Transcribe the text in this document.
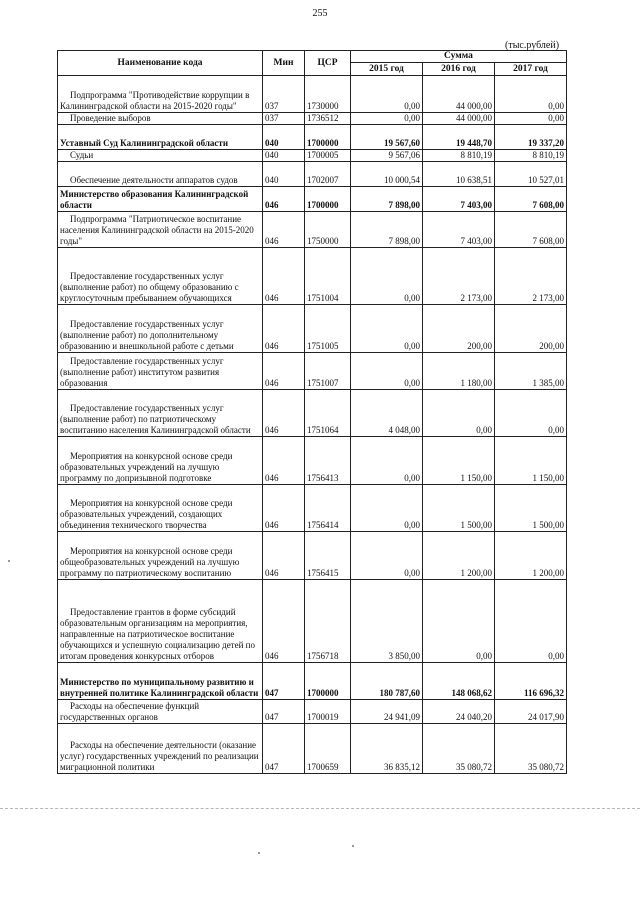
255
(тыс.рублей)
Наименование кода	Мин	ЦСР	Сумма		
			2015 год	2016 год	2017 год

Подпрограмма "Противодействие коррупции в Калининградской области на 2015-2020 годы"	037	1730000	0,00	44 000,00	0,00

Проведение выборов	037	1736512	0,00	44 000,00	0,00

Уставный Суд Калининградской области	040	1700000	19 567,60	19 448,70	19 337,20

Судьи	040	1700005	9 567,06	8 810,19	8 810,19

Обеспечение деятельности аппаратов судов	040	1702007	10 000,54	10 638,51	10 527,01

Министерство образования Калининградской области	046	1700000	7 898,00	7 403,00	7 608,00

Подпрограмма "Патриотическое воспитание населения Калининградской области на 2015-2020 годы"	046	1750000	7 898,00	7 403,00	7 608,00

Предоставление государственных услуг (выполнение работ) по общему образованию с круглосуточным пребыванием обучающихся	046	1751004	0,00	2 173,00	2 173,00

Предоставление государственных услуг (выполнение работ) по дополнительному образованию и внешкольной работе с детьми	046	1751005	0,00	200,00	200,00

Предоставление государственных услуг (выполнение работ) институтом развития образования	046	1751007	0,00	1 180,00	1 385,00

Предоставление государственных услуг (выполнение работ) по патриотическому воспитанию населения Калининградской области	046	1751064	4 048,00	0,00	0,00

Мероприятия на конкурсной основе среди образовательных учреждений на лучшую программу по допризывной подготовке	046	1756413	0,00	1 150,00	1 150,00

Мероприятия на конкурсной основе среди образовательных учреждений, создающих объединения технического творчества	046	1756414	0,00	1 500,00	1 500,00

Мероприятия на конкурсной основе среди общеобразовательных учреждений на лучшую программу по патриотическому воспитанию	046	1756415	0,00	1 200,00	1 200,00

Предоставление грантов в форме субсидий образовательным организациям на мероприятия, направленные на патриотическое воспитание обучающихся и успешную социализацию детей по итогам проведения конкурсных отборов	046	1756718	3 850,00	0,00	0,00

Министерство по муниципальному развитию и внутренней политике Калининградской области	047	1700000	180 787,60	148 068,62	116 696,32

Расходы на обеспечение функций государственных органов	047	1700019	24 941,09	24 040,20	24 017,90

Расходы на обеспечение деятельности (оказание услуг) государственных учреждений по реализации миграционной политики	047	1700659	36 835,12	35 080,72	35 080,72
